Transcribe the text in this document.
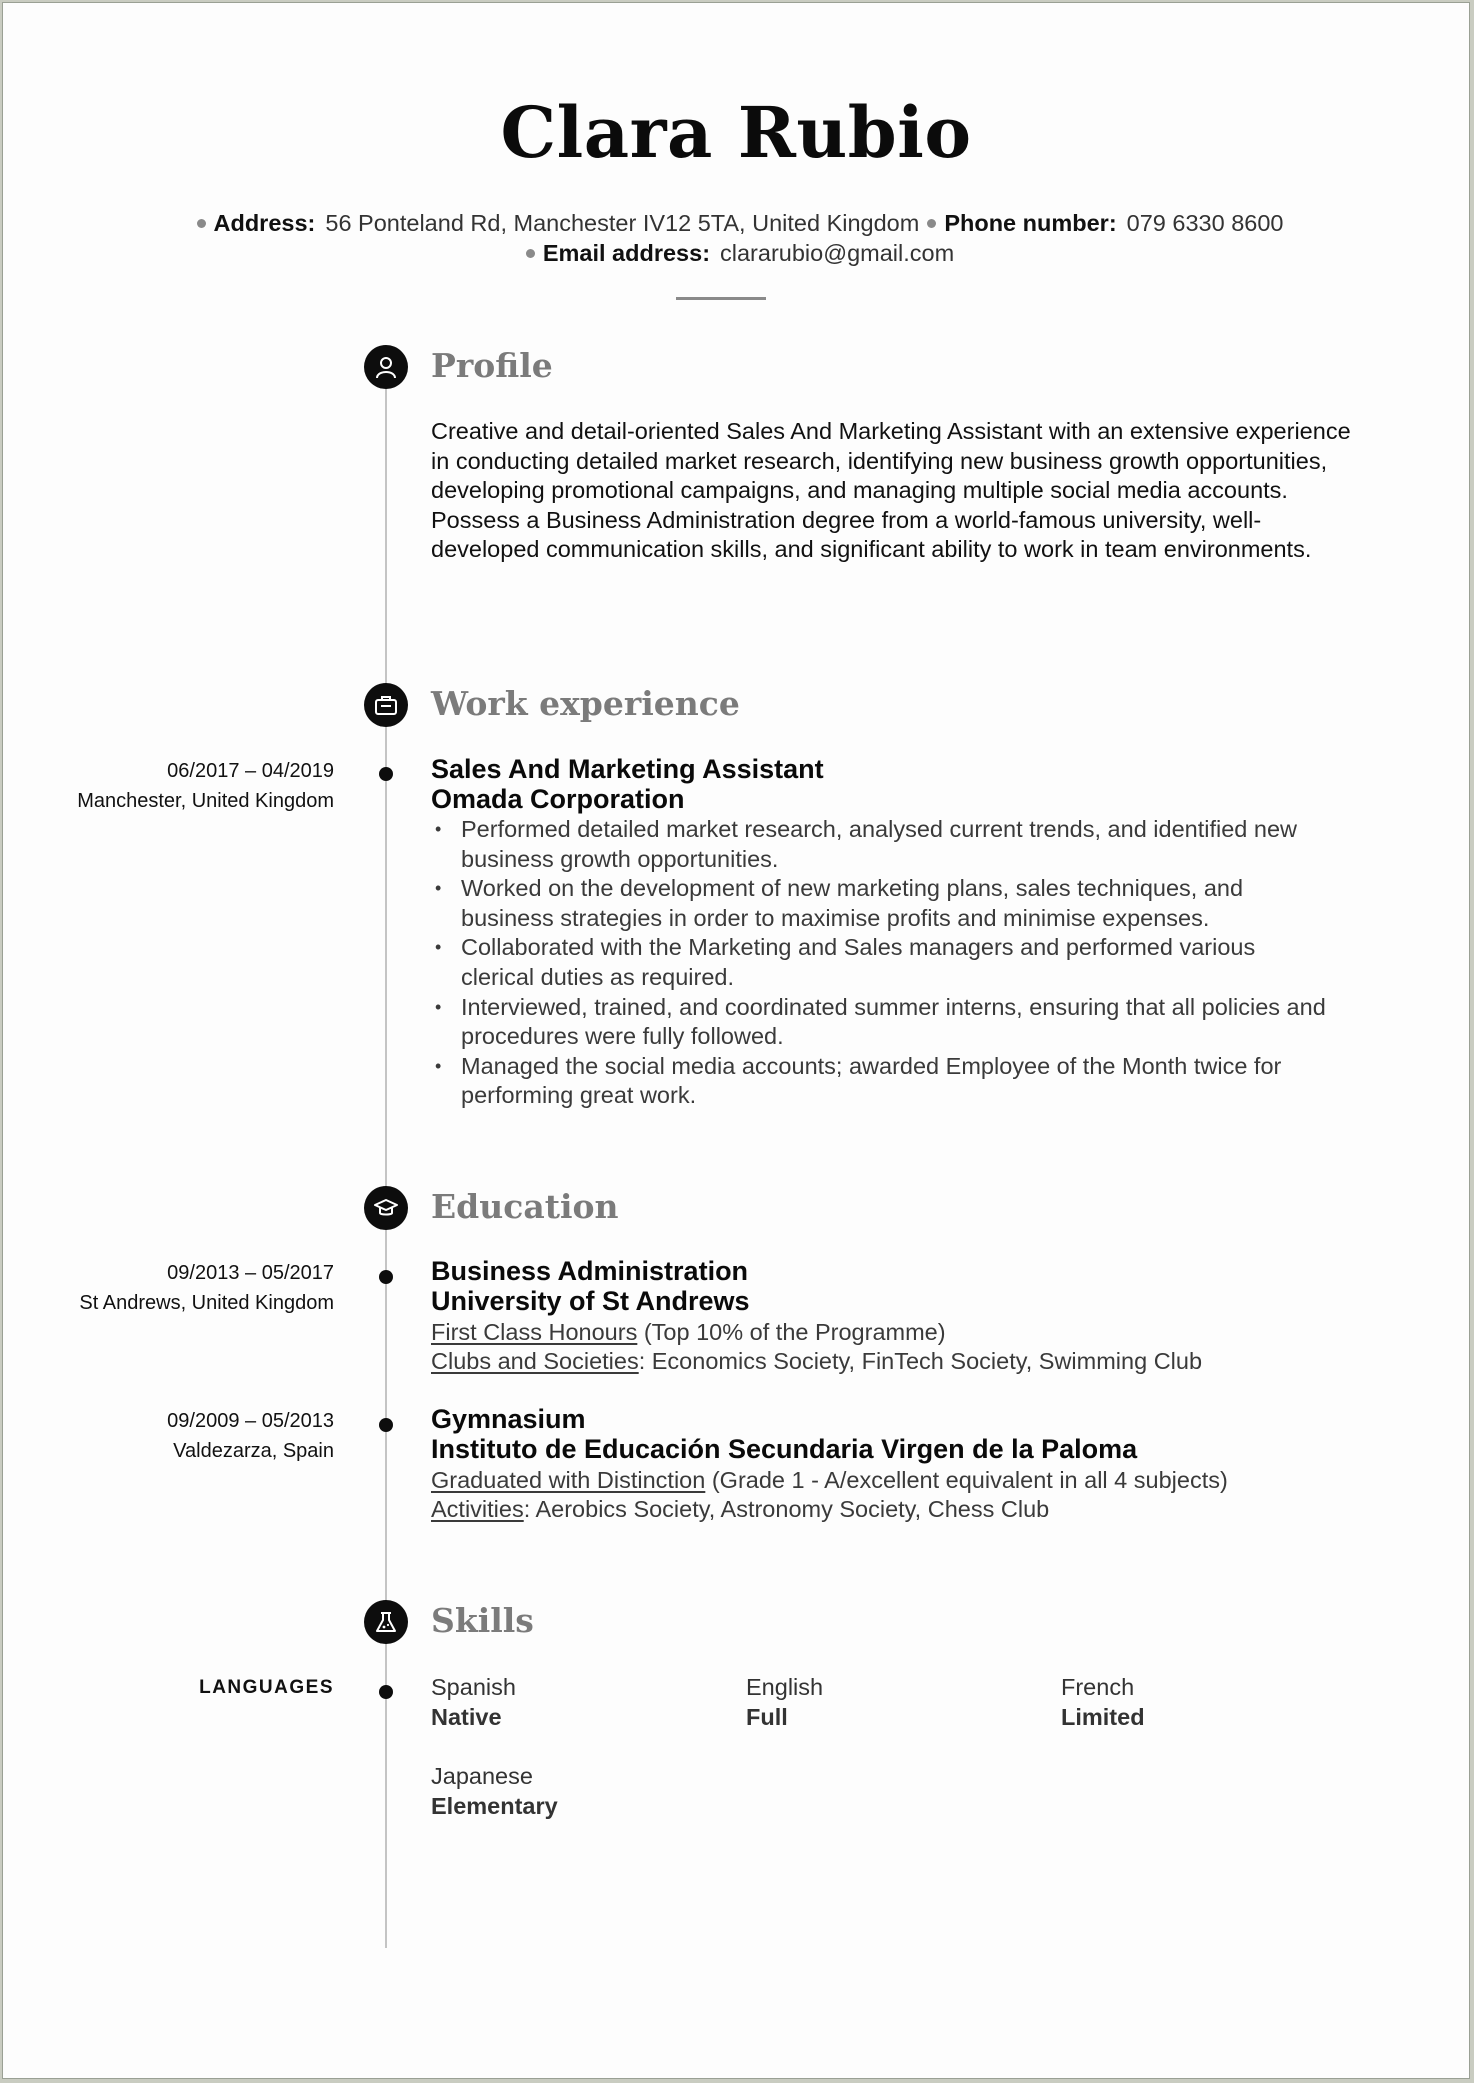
Clara Rubio
Address: 56 Ponteland Rd, Manchester IV12 5TA, United Kingdom Phone number: 079 6330 8600
Email address: clararubio@gmail.com
Profile

Creative and detail-oriented Sales And Marketing Assistant with an extensive experience in conducting detailed market research, identifying new business growth opportunities, developing promotional campaigns, and managing multiple social media accounts. Possess a Business Administration degree from a world-famous university, well-developed communication skills, and significant ability to work in team environments.

Work experience
06/2017 – 04/2019
Manchester, United Kingdom
Sales And Marketing Assistant
Omada Corporation
• Performed detailed market research, analysed current trends, and identified new business growth opportunities.
• Worked on the development of new marketing plans, sales techniques, and business strategies in order to maximise profits and minimise expenses.
• Collaborated with the Marketing and Sales managers and performed various clerical duties as required.
• Interviewed, trained, and coordinated summer interns, ensuring that all policies and procedures were fully followed.
• Managed the social media accounts; awarded Employee of the Month twice for performing great work.
Education
09/2013 – 05/2017
St Andrews, United Kingdom
Business Administration
University of St Andrews
First Class Honours (Top 10% of the Programme)
Clubs and Societies: Economics Society, FinTech Society, Swimming Club
09/2009 – 05/2013
Valdezarza, Spain
Gymnasium
Instituto de Educación Secundaria Virgen de la Paloma
Graduated with Distinction (Grade 1 - A/excellent equivalent in all 4 subjects)
Activities: Aerobics Society, Astronomy Society, Chess Club
Skills
LANGUAGES	Spanish
Native
English
Full
French
Limited
Japanese
Elementary
